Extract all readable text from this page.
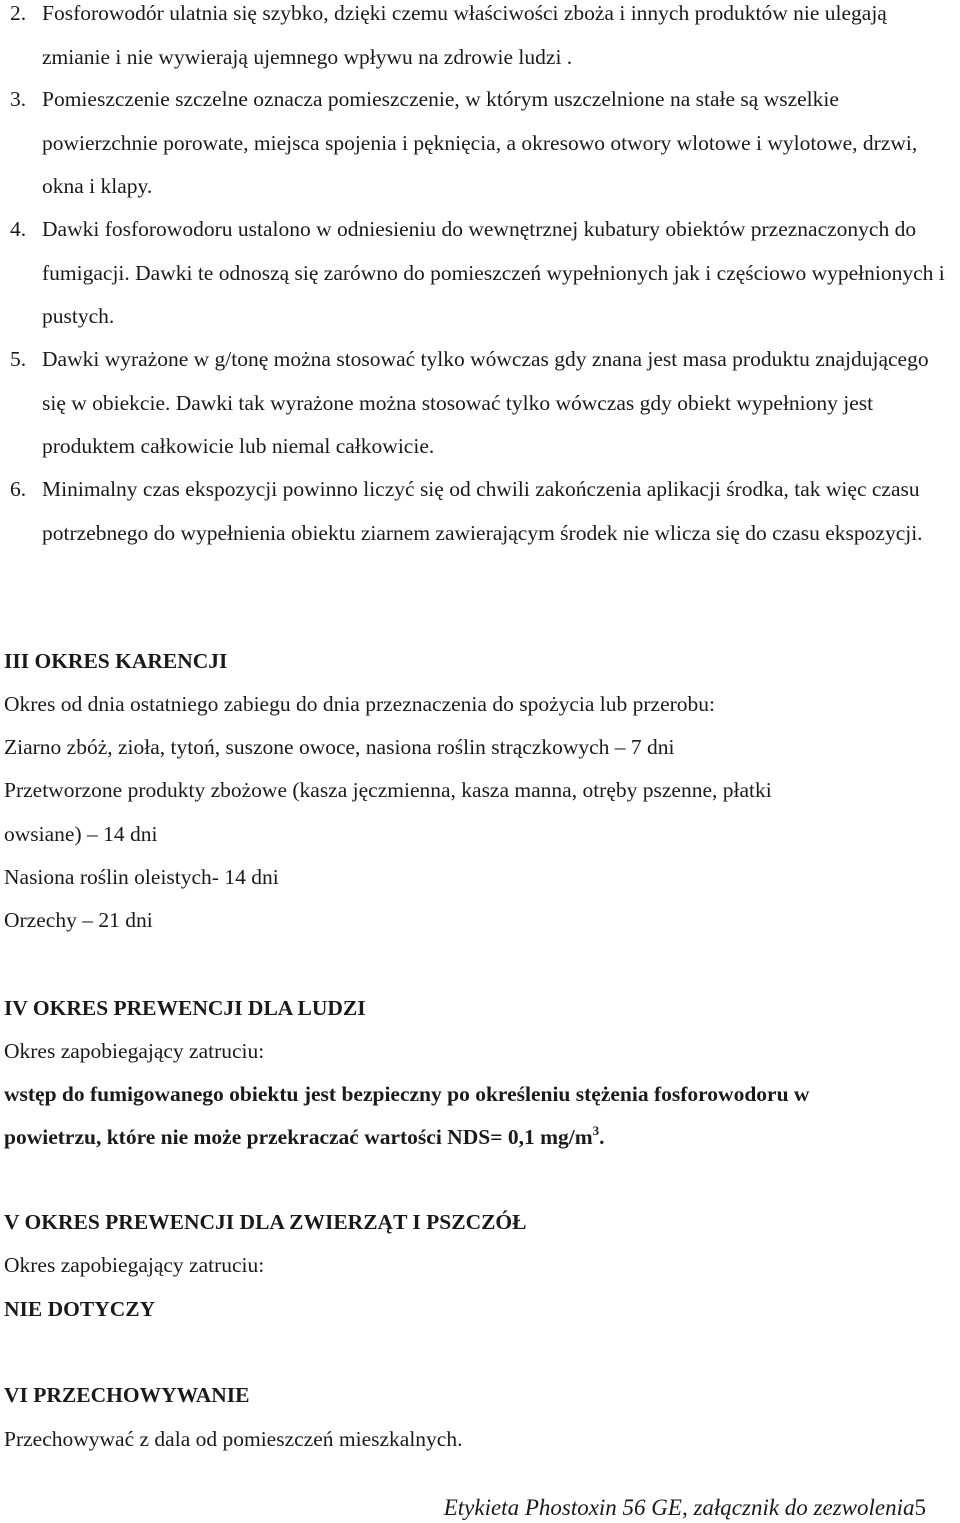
2. Fosforowodór ulatnia się szybko, dzięki czemu właściwości zboża i innych produktów nie ulegają zmianie i nie wywierają ujemnego wpływu na zdrowie ludzi .
3. Pomieszczenie szczelne oznacza pomieszczenie, w którym uszczelnione na stałe są wszelkie powierzchnie porowate, miejsca spojenia i pęknięcia, a okresowo otwory wlotowe i wylotowe, drzwi, okna i klapy.
4. Dawki fosforowodoru ustalono w odniesieniu do wewnętrznej kubatury obiektów przeznaczonych do fumigacji. Dawki te odnoszą się zarówno do pomieszczeń wypełnionych jak i częściowo wypełnionych i pustych.
5. Dawki wyrażone w g/tonę można stosować tylko wówczas gdy znana jest masa produktu znajdującego się w obiekcie. Dawki tak wyrażone można stosować tylko wówczas gdy obiekt wypełniony jest produktem całkowicie lub niemal całkowicie.
6. Minimalny czas ekspozycji powinno liczyć się od chwili zakończenia aplikacji środka, tak więc czasu potrzebnego do wypełnienia obiektu ziarnem zawierającym środek nie wlicza się do czasu ekspozycji.
III OKRES KARENCJI
Okres od dnia ostatniego zabiegu do dnia przeznaczenia do spożycia lub przerobu:
Ziarno zbóż, zioła, tytoń, suszone owoce, nasiona roślin strączkowych – 7 dni
Przetworzone produkty zbożowe (kasza jęczmienna, kasza manna, otręby pszenne, płatki
owsiane) – 14 dni
Nasiona roślin oleistych- 14 dni
Orzechy – 21 dni
IV OKRES PREWENCJI DLA LUDZI
Okres zapobiegający zatruciu:
wstęp do fumigowanego obiektu jest bezpieczny po określeniu stężenia fosforowodoru w
powietrzu, które nie może przekraczać wartości NDS= 0,1 $mg/m^3$.
V OKRES PREWENCJI DLA ZWIERZĄT I PSZCZÓŁ
Okres zapobiegający zatruciu:
NIE DOTYCZY
VI PRZECHOWYWANIE
Przechowywać z dala od pomieszczeń mieszkalnych.
Etykieta Phostoxin 56 GE, załącznik do zezwolenia5
